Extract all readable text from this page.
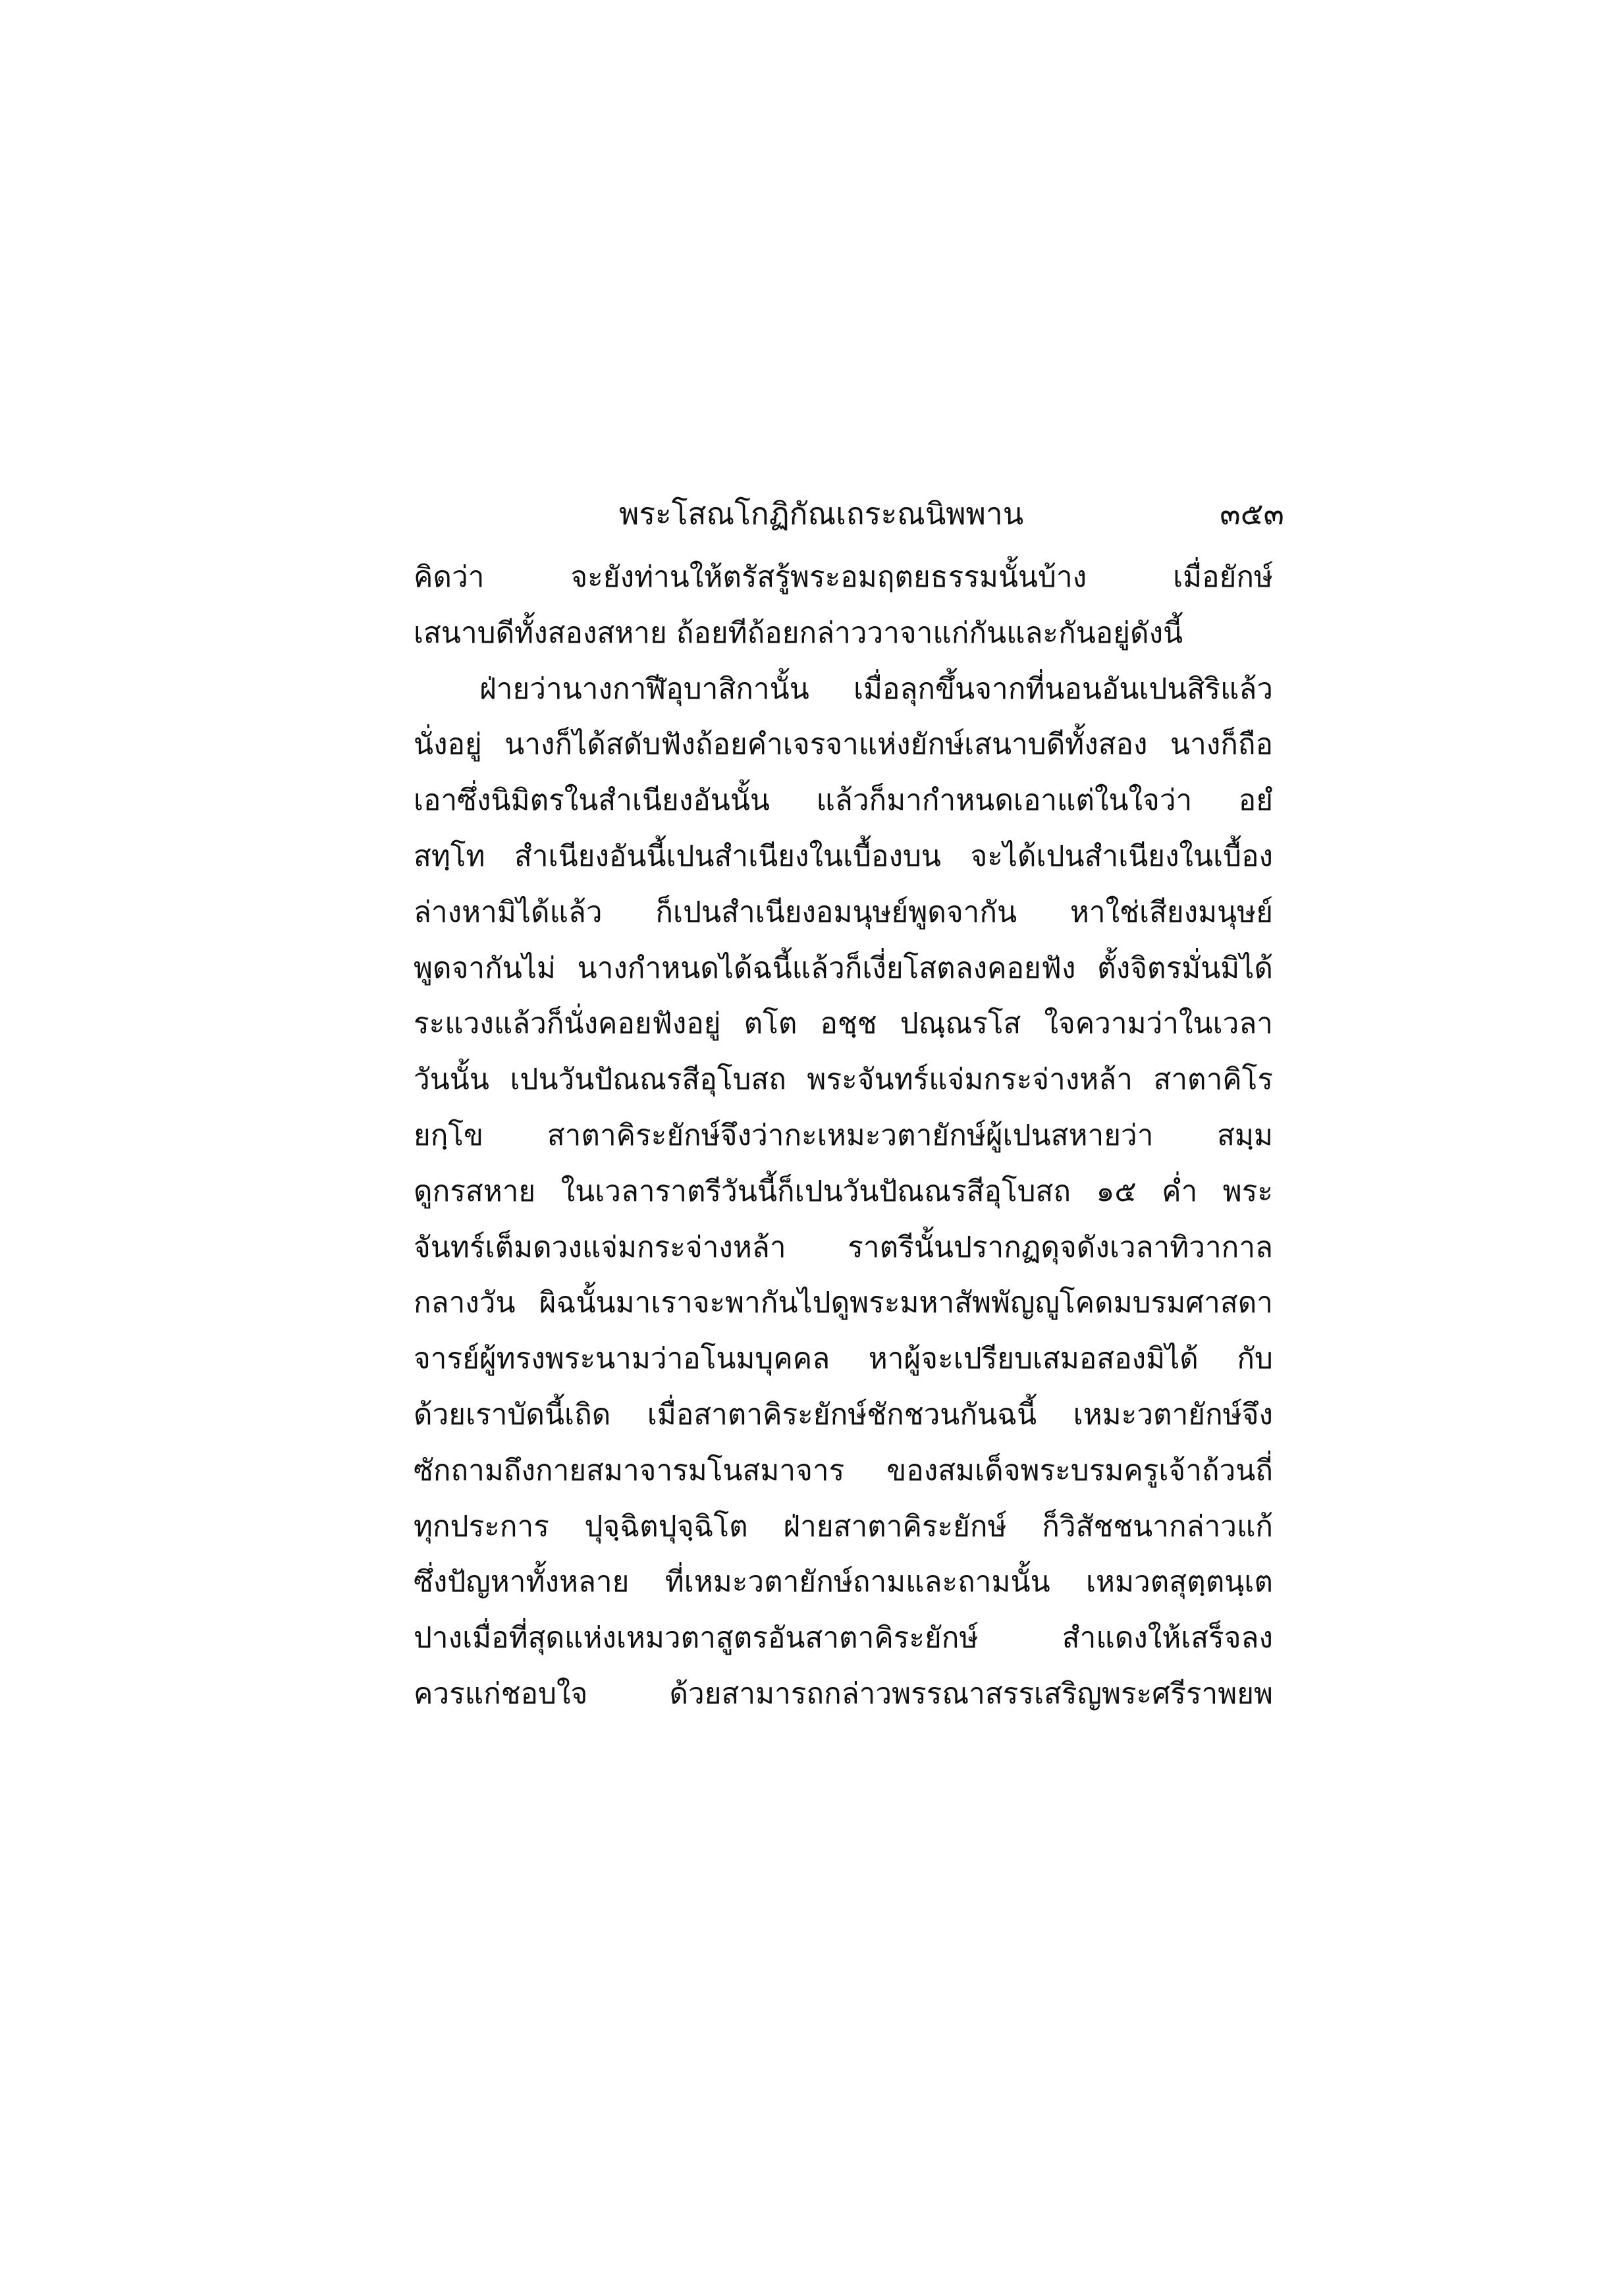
พระโสณโกฏิกัณเถระณนิพพาน	๓๕๓
คิดว่า จะยังท่านให้ตรัสรู้พระอมฤตยธรรมนั้นบ้าง เมื่อยักษ์
เสนาบดีทั้งสองสหาย ถ้อยทีถ้อยกล่าววาจาแก่กันและกันอยู่ดังนี้
ฝ่ายว่านางกาฬีอุบาสิกานั้น เมื่อลุกขึ้นจากที่นอนอันเปนสิริแล้ว
นั่งอยู่ นางก็ได้สดับฟังถ้อยคำเจรจาแห่งยักษ์เสนาบดีทั้งสอง นางก็ถือ
เอาซึ่งนิมิตรในสำเนียงอันนั้น แล้วก็มากำหนดเอาแต่ในใจว่า อยํ
สทฺโท สำเนียงอันนี้เปนสำเนียงในเบื้องบน จะได้เปนสำเนียงในเบื้อง
ล่างหามิได้แล้ว ก็เปนสำเนียงอมนุษย์พูดจากัน หาใช่เสียงมนุษย์
พูดจากันไม่ นางกำหนดได้ฉนี้แล้วก็เงี่ยโสตลงคอยฟัง ตั้งจิตรมั่นมิได้
ระแวงแล้วก็นั่งคอยฟังอยู่ ตโต อชฺช ปณฺณรโส ใจความว่าในเวลา
วันนั้น เปนวันปัณณรสีอุโบสถ พระจันทร์แจ่มกระจ่างหล้า สาตาคิโร
ยกฺโข สาตาคิระยักษ์จึงว่ากะเหมะวตายักษ์ผู้เปนสหายว่า สมฺม
ดูกรสหาย ในเวลาราตรีวันนี้ก็เปนวันปัณณรสีอุโบสถ ๑๕ ค่ำ พระ
จันทร์เต็มดวงแจ่มกระจ่างหล้า ราตรีนั้นปรากฏดุจดังเวลาทิวากาล
กลางวัน ผิฉนั้นมาเราจะพากันไปดูพระมหาสัพพัญญูโคดมบรมศาสดา
จารย์ผู้ทรงพระนามว่าอโนมบุคคล หาผู้จะเปรียบเสมอสองมิได้ กับ
ด้วยเราบัดนี้เถิด เมื่อสาตาคิระยักษ์ชักชวนกันฉนี้ เหมะวตายักษ์จึง
ซักถามถึงกายสมาจารมโนสมาจาร ของสมเด็จพระบรมครูเจ้าถ้วนถี่
ทุกประการ ปุจฺฉิตปุจฺฉิโต ฝ่ายสาตาคิระยักษ์ ก็วิสัชชนากล่าวแก้
ซึ่งปัญหาทั้งหลาย ที่เหมะวตายักษ์ถามและถามนั้น เหมวตสุตฺตนฺเต
ปางเมื่อที่สุดแห่งเหมวตาสูตรอันสาตาคิระยักษ์ สำแดงให้เสร็จลง
ควรแก่ชอบใจ ด้วยสามารถกล่าวพรรณาสรรเสริญพระศรีราพยพ
